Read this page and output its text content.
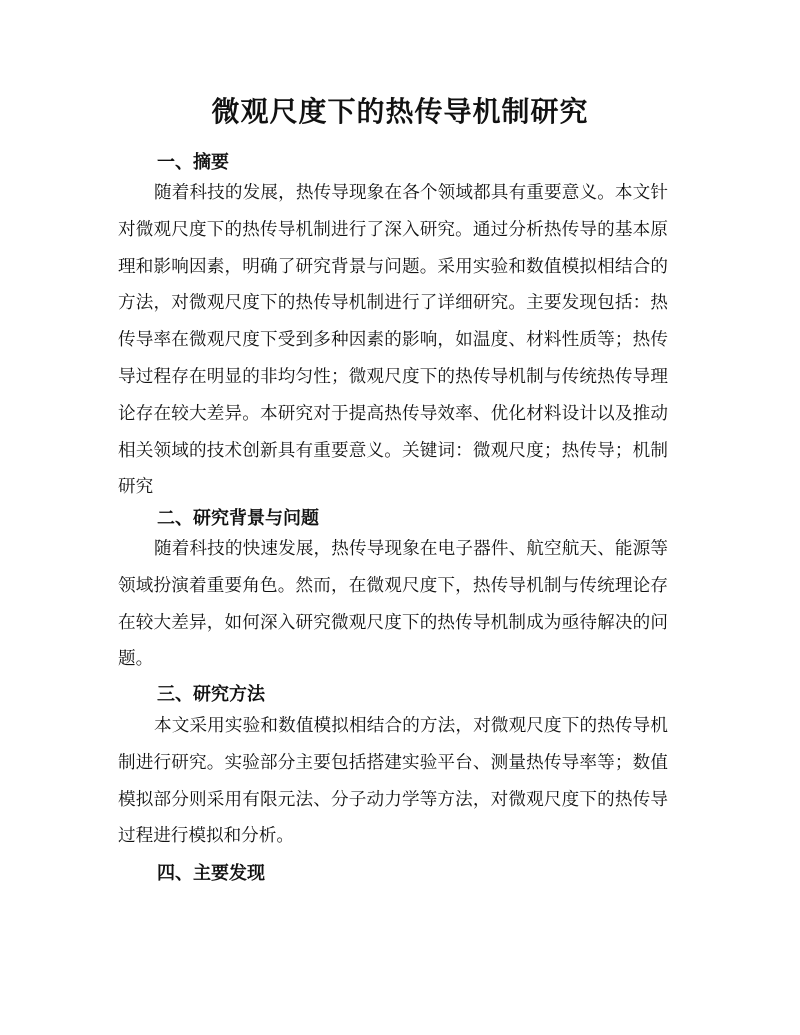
微观尺度下的热传导机制研究
一、摘要

随着科技的发展，热传导现象在各个领域都具有重要意义。本文针对微观尺度下的热传导机制进行了深入研究。通过分析热传导的基本原理和影响因素，明确了研究背景与问题。采用实验和数值模拟相结合的方法，对微观尺度下的热传导机制进行了详细研究。主要发现包括：热传导率在微观尺度下受到多种因素的影响，如温度、材料性质等；热传导过程存在明显的非均匀性；微观尺度下的热传导机制与传统热传导理论存在较大差异。本研究对于提高热传导效率、优化材料设计以及推动相关领域的技术创新具有重要意义。关键词：微观尺度；热传导；机制研究

二、研究背景与问题

随着科技的快速发展，热传导现象在电子器件、航空航天、能源等领域扮演着重要角色。然而，在微观尺度下，热传导机制与传统理论存在较大差异，如何深入研究微观尺度下的热传导机制成为亟待解决的问题。

三、研究方法

本文采用实验和数值模拟相结合的方法，对微观尺度下的热传导机制进行研究。实验部分主要包括搭建实验平台、测量热传导率等；数值模拟部分则采用有限元法、分子动力学等方法，对微观尺度下的热传导过程进行模拟和分析。

四、主要发现
